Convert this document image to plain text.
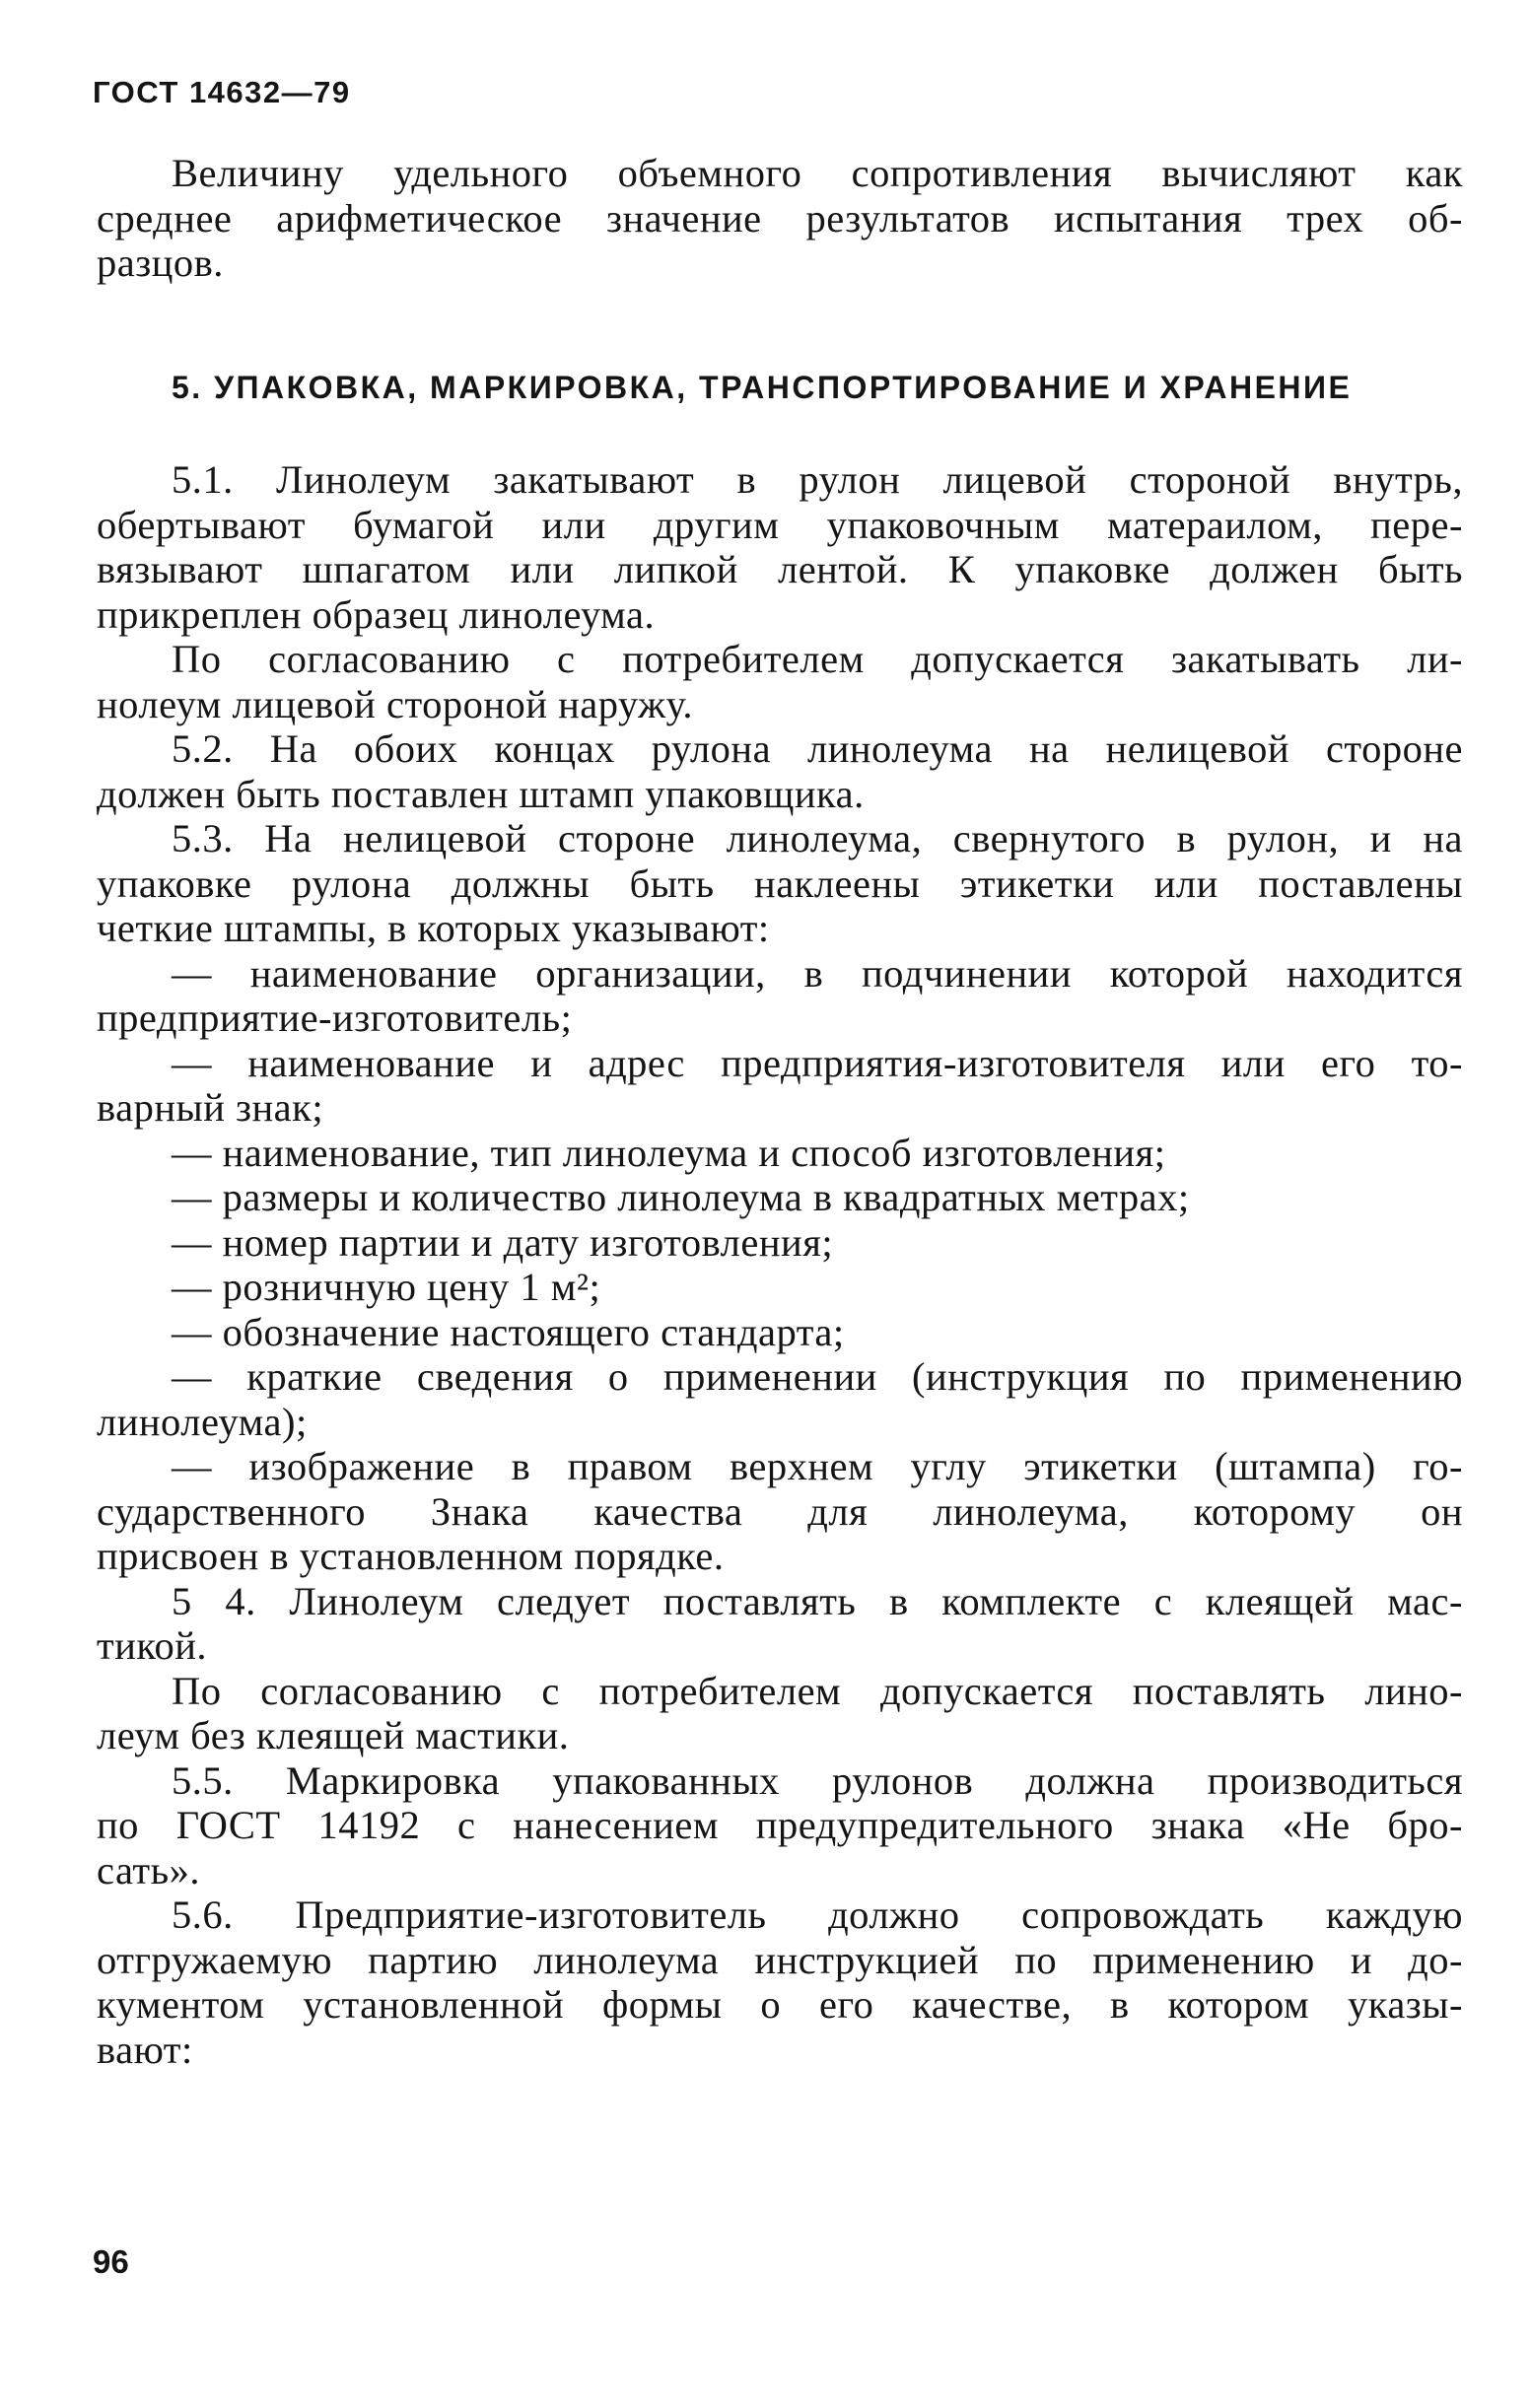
ГОСТ 14632—79
Величину удельного объемного сопротивления вычисляют как
среднее арифметическое значение результатов испытания трех об-
разцов.
5. УПАКОВКА, МАРКИРОВКА, ТРАНСПОРТИРОВАНИЕ И ХРАНЕНИЕ
5.1. Линолеум закатывают в рулон лицевой стороной внутрь,
обертывают бумагой или другим упаковочным матераилом, пере-
вязывают шпагатом или липкой лентой. К упаковке должен быть
прикреплен образец линолеума.
По согласованию с потребителем допускается закатывать ли-
нолеум лицевой стороной наружу.
5.2. На обоих концах рулона линолеума на нелицевой стороне
должен быть поставлен штамп упаковщика.
5.3. На нелицевой стороне линолеума, свернутого в рулон, и на
упаковке рулона должны быть наклеены этикетки или поставлены
четкие штампы, в которых указывают:
— наименование организации, в подчинении которой находится
предприятие-изготовитель;
— наименование и адрес предприятия-изготовителя или его то-
варный знак;
— наименование, тип линолеума и способ изготовления;
— размеры и количество линолеума в квадратных метрах;
— номер партии и дату изготовления;
— розничную цену 1 м²;
— обозначение настоящего стандарта;
— краткие сведения о применении (инструкция по применению
линолеума);
— изображение в правом верхнем углу этикетки (штампа) го-
сударственного Знака качества для линолеума, которому он
присвоен в установленном порядке.
5 4. Линолеум следует поставлять в комплекте с клеящей мас-
тикой.
По согласованию с потребителем допускается поставлять лино-
леум без клеящей мастики.
5.5. Маркировка упакованных рулонов должна производиться
по ГОСТ 14192 с нанесением предупредительного знака «Не бро-
сать».
5.6. Предприятие-изготовитель должно сопровождать каждую
отгружаемую партию линолеума инструкцией по применению и до-
кументом установленной формы о его качестве, в котором указы-
вают:
96
